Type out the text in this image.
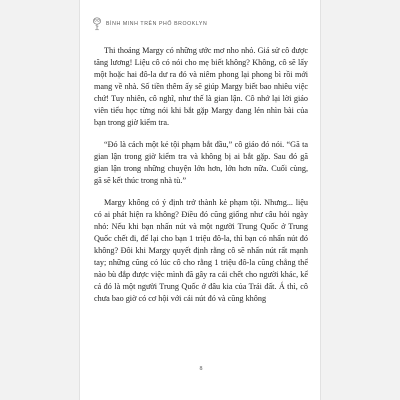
BÌNH MINH TRÊN PHỐ BROOKLYN

Thi thoảng Margy có những ước mơ nho nhỏ. Giá sử cô được tăng lương! Liệu cô có nói cho mẹ biết không? Không, cô sẽ lấy một hoặc hai đô-la dư ra đó và niêm phong lại phong bì rồi mới mang về nhà. Số tiền thêm ấy sẽ giúp Margy biết bao nhiêu việc chứ! Tuy nhiên, cô nghĩ, như thế là gian lận. Cô nhớ lại lời giáo viên tiểu học từng nói khi bắt gặp Margy đang lén nhìn bài của bạn trong giờ kiểm tra.

“Đó là cách một kẻ tội phạm bắt đầu,” cô giáo đó nói. “Gã ta gian lận trong giờ kiểm tra và không bị ai bắt gặp. Sau đó gã gian lận trong những chuyện lớn hơn, lớn hơn nữa. Cuối cùng, gã sẽ kết thúc trong nhà tù.”

Margy không có ý định trở thành kẻ phạm tội. Nhưng... liệu có ai phát hiện ra không? Điều đó cũng giống như câu hỏi ngày nhỏ: Nếu khi bạn nhấn nút và một người Trung Quốc ở Trung Quốc chết đi, để lại cho bạn 1 triệu đô-la, thì bạn có nhấn nút đó không? Đôi khi Margy quyết định rằng cô sẽ nhấn nút rất mạnh tay; những cũng có lúc cô cho rằng 1 triệu đô-la cũng chẳng thể nào bù đắp được việc mình đã gây ra cái chết cho người khác, kể cả đó là một người Trung Quốc ở đâu kia của Trái đất. Á thì, cô chưa bao giờ có cơ hội với cái nút đó và cũng không

8
